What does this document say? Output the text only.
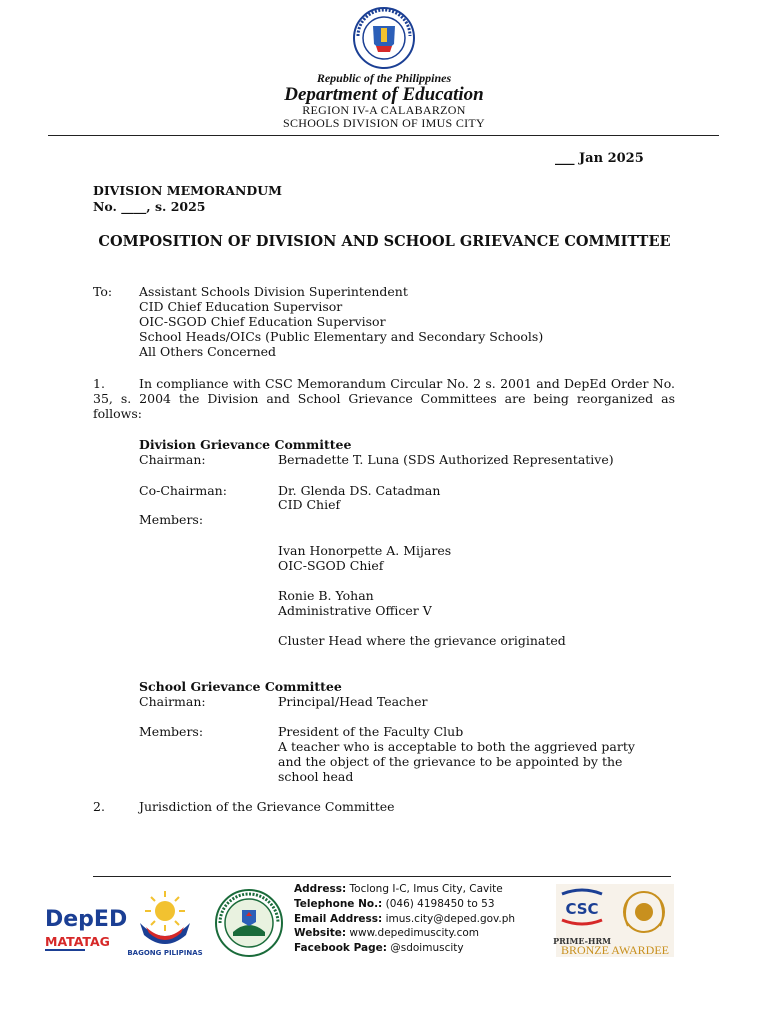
Republic of the Philippines
Department of Education
REGION IV-A CALABARZON
SCHOOLS DIVISION OF IMUS CITY
___ Jan 2025
DIVISION MEMORANDUM
No. ____, s. 2025
COMPOSITION OF DIVISION AND SCHOOL GRIEVANCE COMMITTEE
To: Assistant Schools Division Superintendent
CID Chief Education Supervisor
OIC-SGOD Chief Education Supervisor
School Heads/OICs (Public Elementary and Secondary Schools)
All Others Concerned
1.	In compliance with CSC Memorandum Circular No. 2 s. 2001 and DepEd Order No. 35, s. 2004 the Division and School Grievance Committees are being reorganized as follows:
Division Grievance Committee
Chairman:	Bernadette T. Luna (SDS Authorized Representative)
Co-Chairman:	Dr. Glenda DS. Catadman
CID Chief
Members:
Ivan Honorpette A. Mijares
OIC-SGOD Chief
Ronie B. Yohan
Administrative Officer V
Cluster Head where the grievance originated
School Grievance Committee
Chairman:	Principal/Head Teacher
Members:	President of the Faculty Club
A teacher who is acceptable to both the aggrieved party
and the object of the grievance to be appointed by the
school head
2.	Jurisdiction of the Grievance Committee
DepED
MATATAG
BAGONG PILIPINAS
Address: Toclong I-C, Imus City, Cavite
Telephone No.: (046) 4198450 to 53
Email Address: imus.city@deped.gov.ph
Website: www.depedimuscity.com
Facebook Page: @sdoimuscity
CSC
PRIME-HRM
BRONZE AWARDEE
